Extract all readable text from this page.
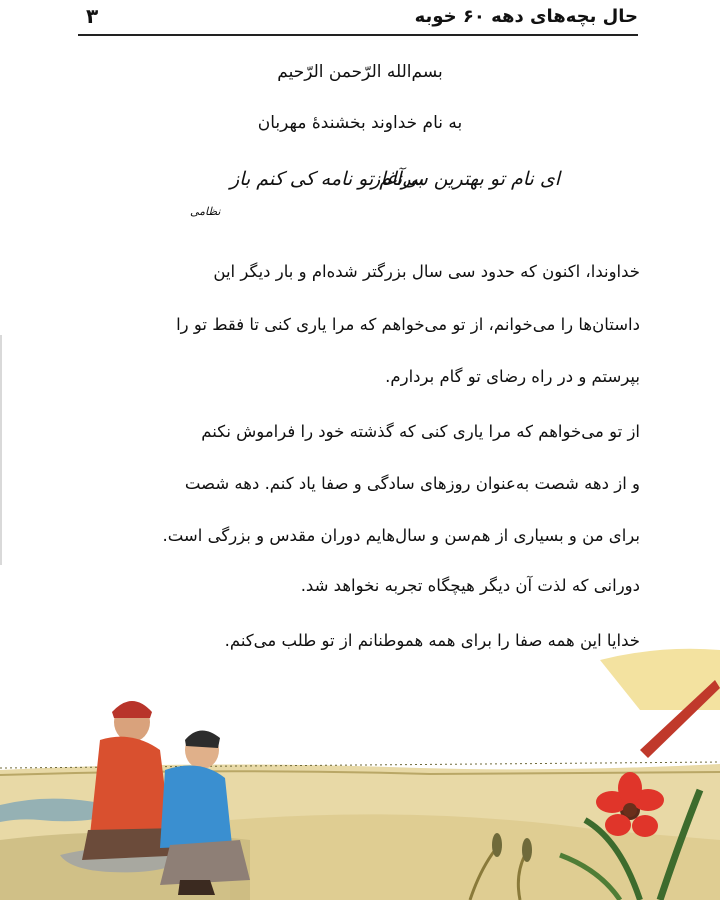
حال بچه‌های دهه ۶۰ خوبه
۳
بسم‌الله الرّحمن الرّحیم
به نام خداوند بخشندهٔ مهربان
ای نام تو بهترین سرآغاز
بی‌نام تو نامه کی کنم باز
نظامی
خداوندا، اکنون که حدود سی سال بزرگتر شده‌ام و بار دیگر این
داستان‌ها را می‌خوانم، از تو می‌خواهم که مرا یاری کنی تا فقط تو را
بپرستم و در راه رضای تو گام بردارم.
از تو می‌خواهم که مرا یاری کنی که گذشته خود را فراموش نکنم
و از دهه شصت به‌عنوان روزهای سادگی و صفا یاد کنم. دهه شصت
برای من و بسیاری از هم‌سن و سال‌هایم دوران مقدس و بزرگی است.
دورانی که لذت آن دیگر هیچگاه تجربه نخواهد شد.
خدایا این همه صفا را برای همه هموطنانم از تو طلب می‌کنم.
